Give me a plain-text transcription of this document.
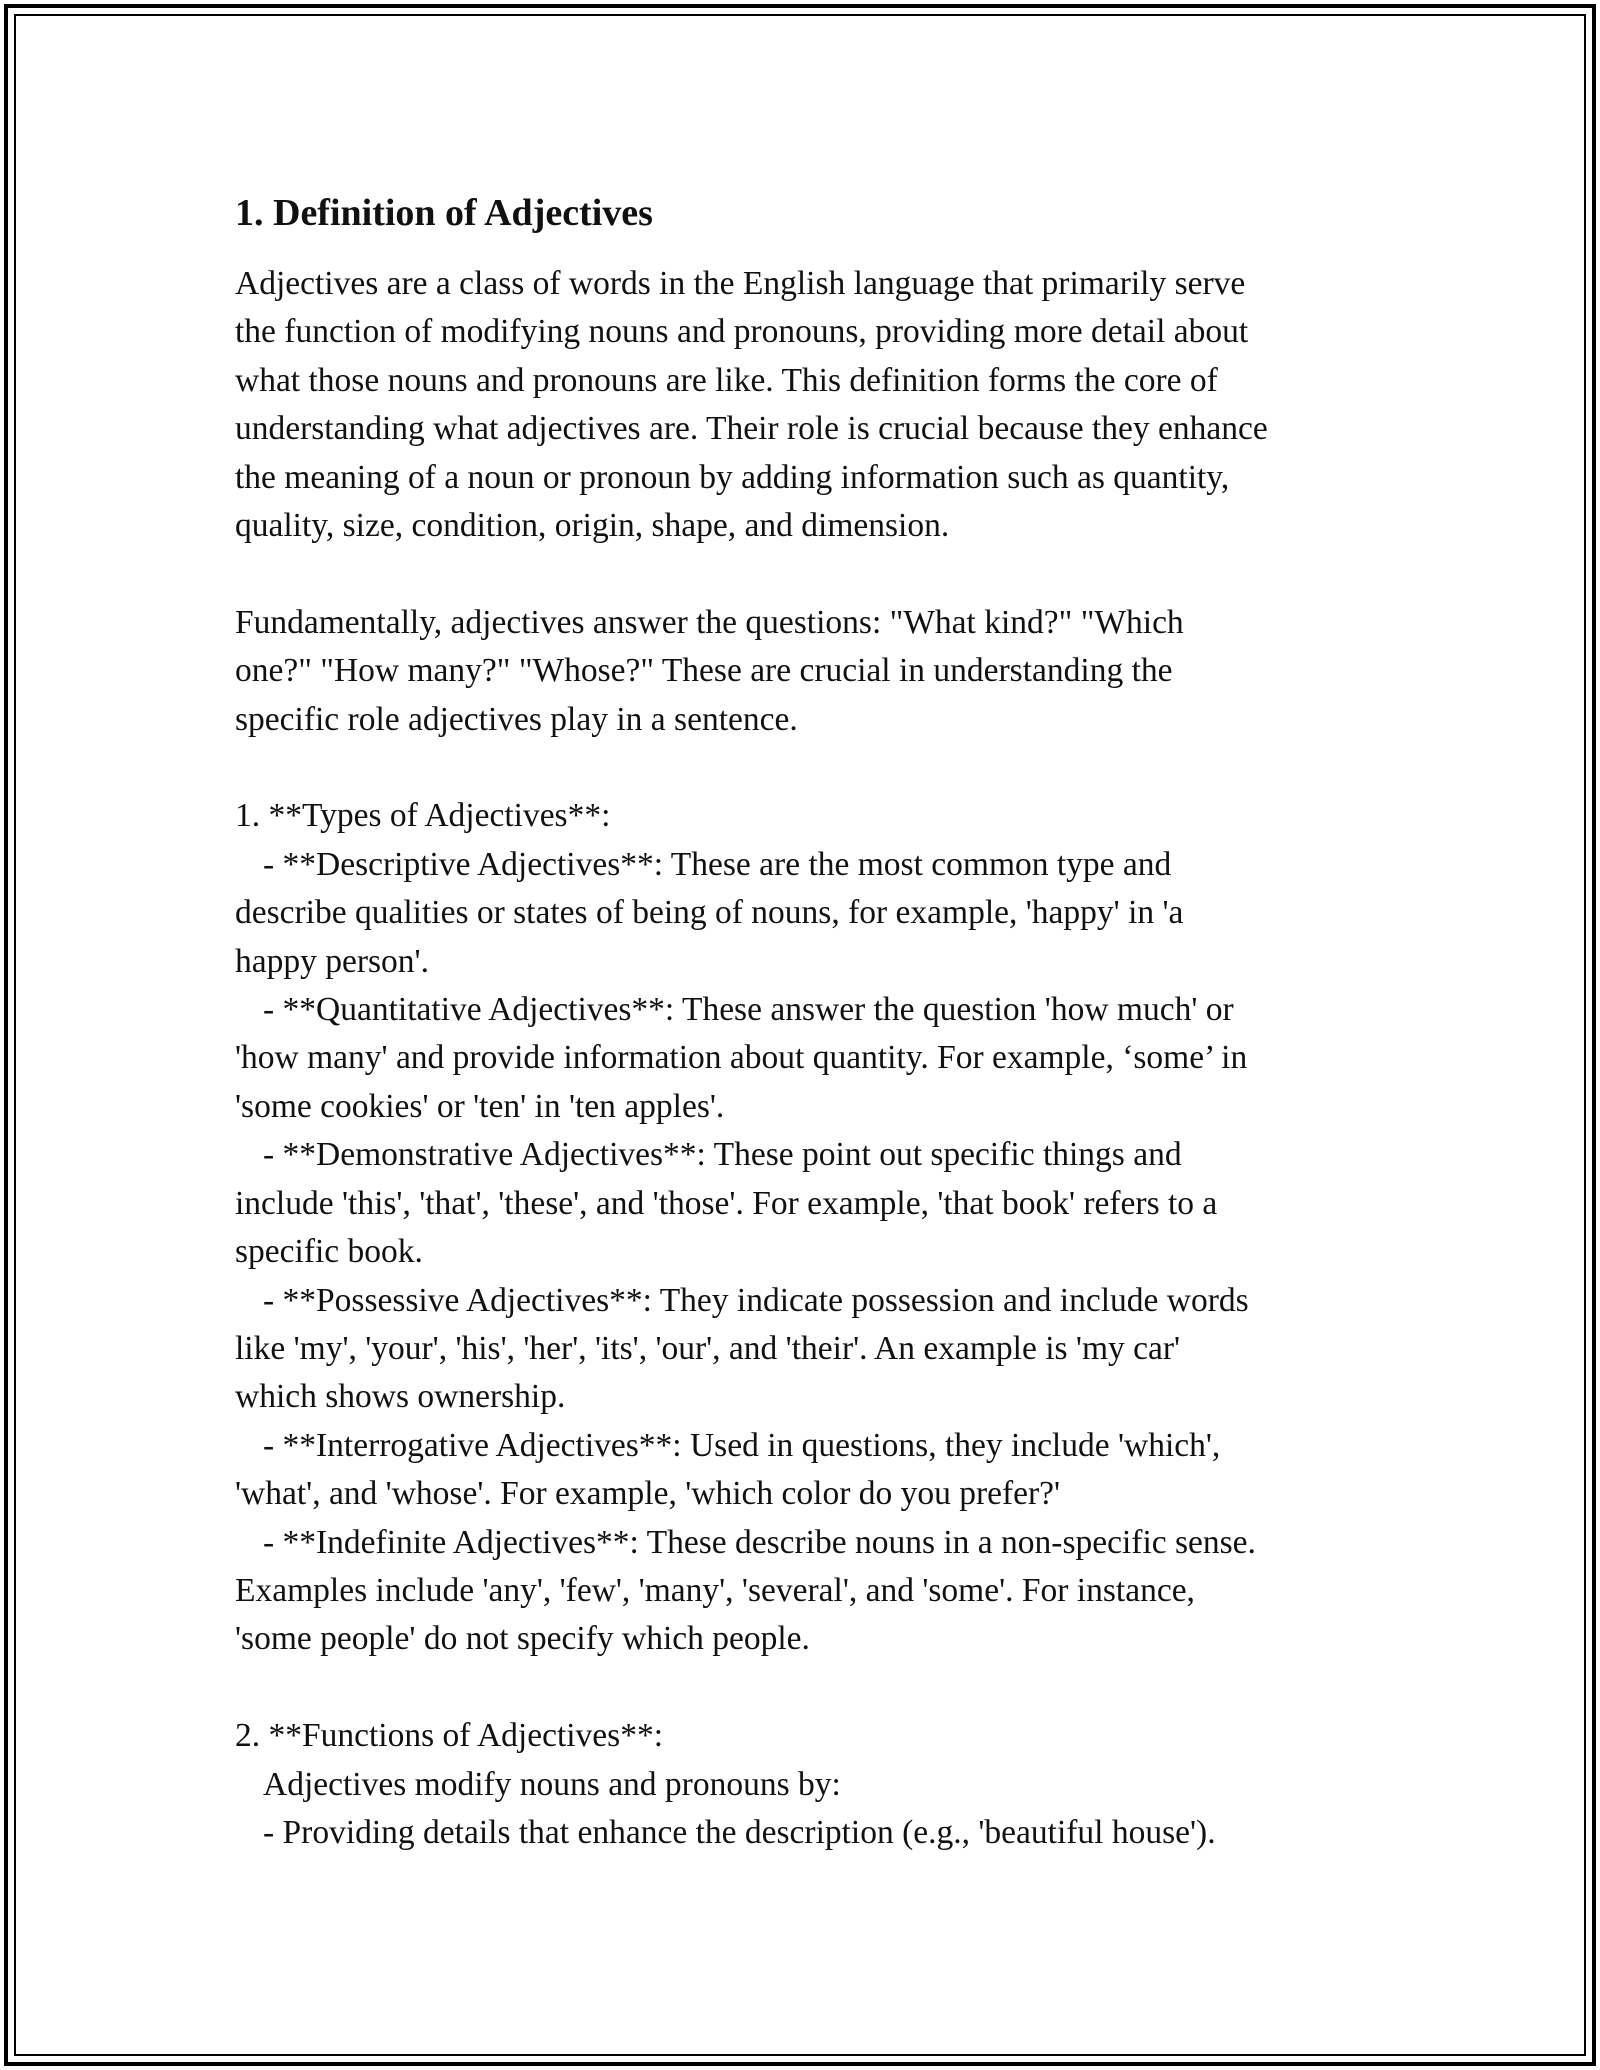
1. Definition of Adjectives
Adjectives are a class of words in the English language that primarily serve
the function of modifying nouns and pronouns, providing more detail about
what those nouns and pronouns are like. This definition forms the core of
understanding what adjectives are. Their role is crucial because they enhance
the meaning of a noun or pronoun by adding information such as quantity,
quality, size, condition, origin, shape, and dimension.
Fundamentally, adjectives answer the questions: "What kind?" "Which
one?" "How many?" "Whose?" These are crucial in understanding the
specific role adjectives play in a sentence.
1. **Types of Adjectives**:
- **Descriptive Adjectives**: These are the most common type and
describe qualities or states of being of nouns, for example, 'happy' in 'a
happy person'.
- **Quantitative Adjectives**: These answer the question 'how much' or
'how many' and provide information about quantity. For example, ‘some’ in
'some cookies' or 'ten' in 'ten apples'.
- **Demonstrative Adjectives**: These point out specific things and
include 'this', 'that', 'these', and 'those'. For example, 'that book' refers to a
specific book.
- **Possessive Adjectives**: They indicate possession and include words
like 'my', 'your', 'his', 'her', 'its', 'our', and 'their'. An example is 'my car'
which shows ownership.
- **Interrogative Adjectives**: Used in questions, they include 'which',
'what', and 'whose'. For example, 'which color do you prefer?'
- **Indefinite Adjectives**: These describe nouns in a non-specific sense.
Examples include 'any', 'few', 'many', 'several', and 'some'. For instance,
'some people' do not specify which people.
2. **Functions of Adjectives**:
Adjectives modify nouns and pronouns by:
- Providing details that enhance the description (e.g., 'beautiful house').
